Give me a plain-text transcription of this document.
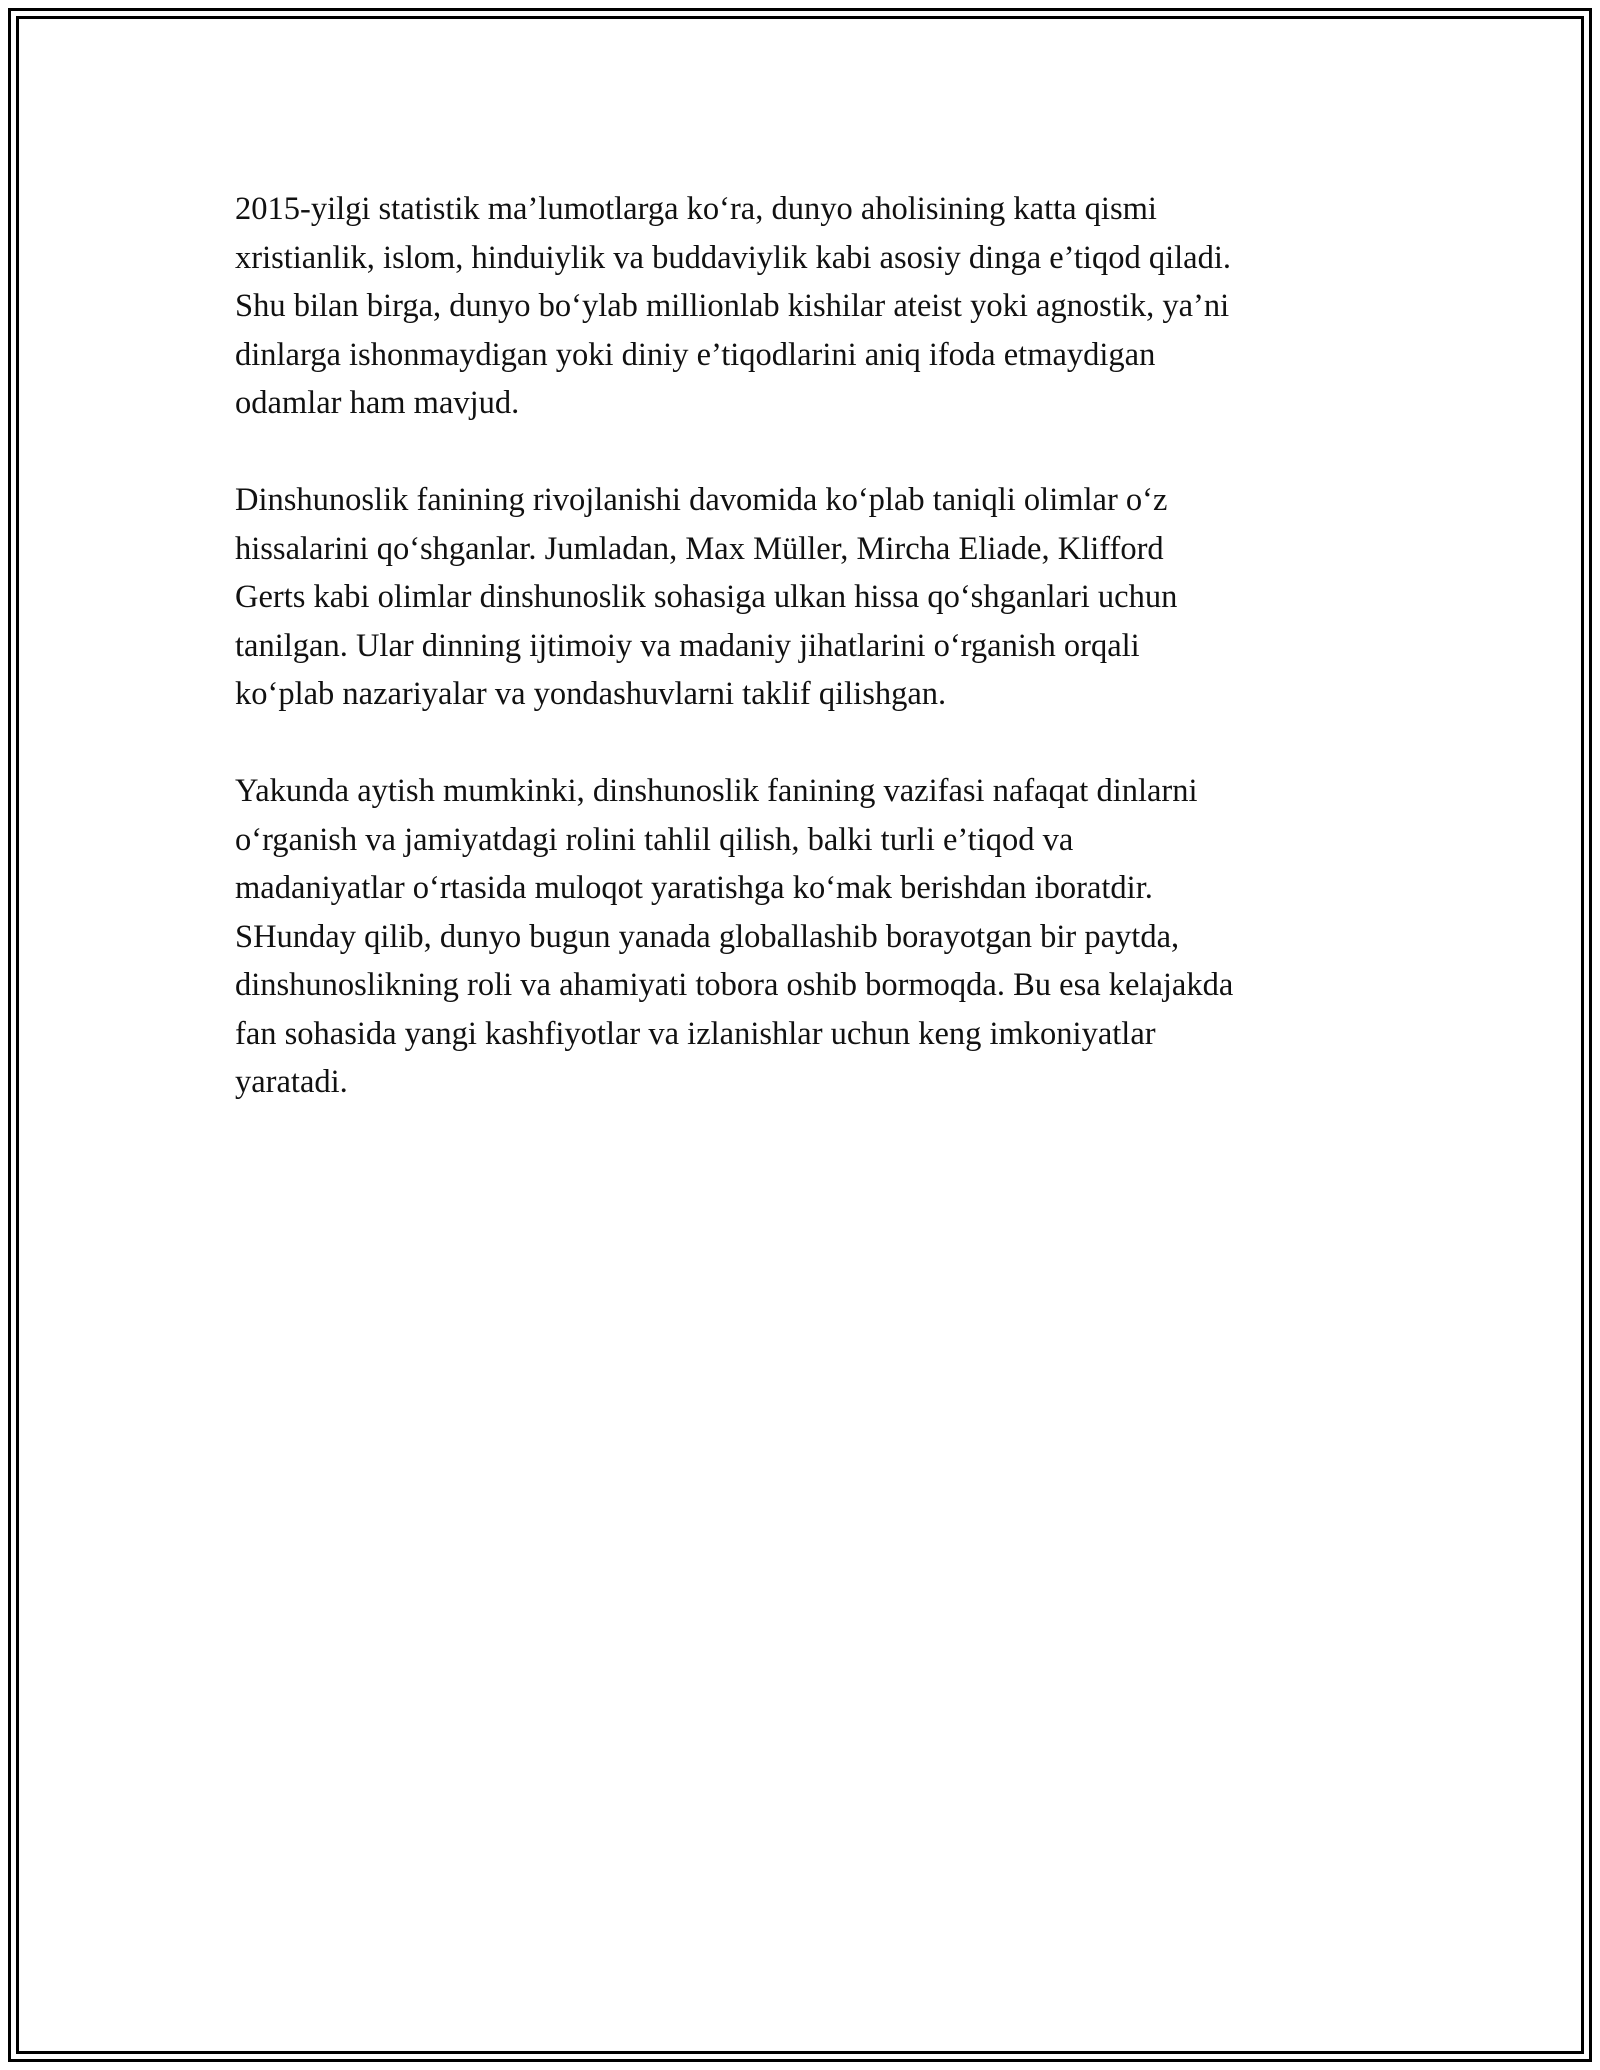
2015-yilgi statistik ma’lumotlarga ko‘ra, dunyo aholisining katta qismi
xristianlik, islom, hinduiylik va buddaviylik kabi asosiy dinga e’tiqod qiladi.
Shu bilan birga, dunyo bo‘ylab millionlab kishilar ateist yoki agnostik, ya’ni
dinlarga ishonmaydigan yoki diniy e’tiqodlarini aniq ifoda etmaydigan
odamlar ham mavjud.

Dinshunoslik fanining rivojlanishi davomida ko‘plab taniqli olimlar o‘z
hissalarini qo‘shganlar. Jumladan, Max Müller, Mircha Eliade, Klifford
Gerts kabi olimlar dinshunoslik sohasiga ulkan hissa qo‘shganlari uchun
tanilgan. Ular dinning ijtimoiy va madaniy jihatlarini o‘rganish orqali
ko‘plab nazariyalar va yondashuvlarni taklif qilishgan.

Yakunda aytish mumkinki, dinshunoslik fanining vazifasi nafaqat dinlarni
o‘rganish va jamiyatdagi rolini tahlil qilish, balki turli e’tiqod va
madaniyatlar o‘rtasida muloqot yaratishga ko‘mak berishdan iboratdir.
SHunday qilib, dunyo bugun yanada globallashib borayotgan bir paytda,
dinshunoslikning roli va ahamiyati tobora oshib bormoqda. Bu esa kelajakda
fan sohasida yangi kashfiyotlar va izlanishlar uchun keng imkoniyatlar
yaratadi.
